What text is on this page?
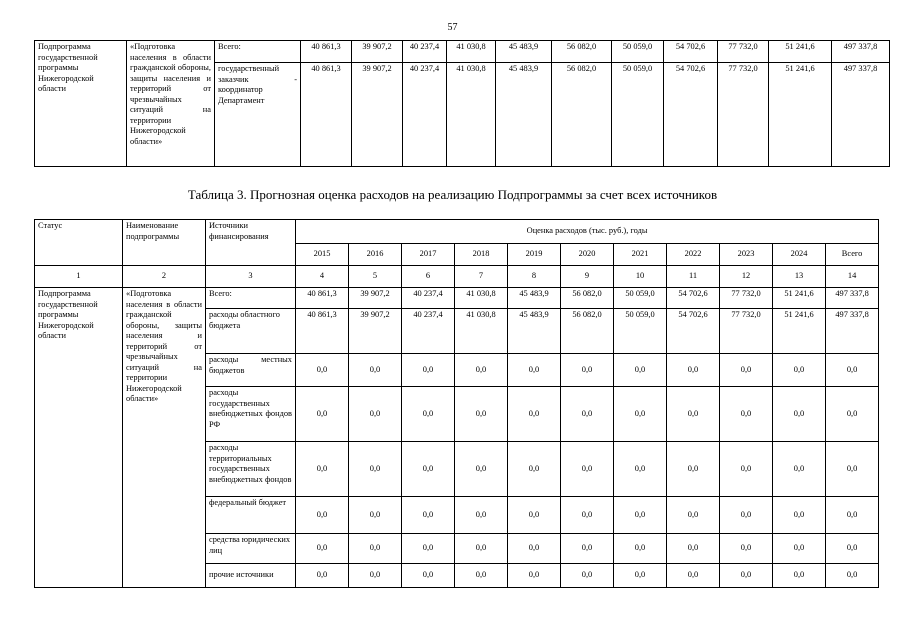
57
Подпрограмма государственной программы Нижегородской области	«Подготовка населения в области гражданской обороны, защиты населения и территорий от чрезвычайных ситуаций на территории Нижегородской области»	Всего:	40 861,3	39 907,2	40 237,4	41 030,8	45 483,9	56 082,0	50 059,0	54 702,6	77 732,0	51 241,6	497 337,8
		государственный заказчик - координатор Департамент	40 861,3	39 907,2	40 237,4	41 030,8	45 483,9	56 082,0	50 059,0	54 702,6	77 732,0	51 241,6	497 337,8
Таблица 3. Прогнозная оценка расходов на реализацию Подпрограммы за счет всех источников
Статус	Наименование подпрограммы	Источники финансирования	Оценка расходов (тыс. руб.), годы										
			2015	2016	2017	2018	2019	2020	2021	2022	2023	2024	Всего
1	2	3	4	5	6	7	8	9	10	11	12	13	14
Подпрограмма государственной программы Нижегородской области	«Подготовка населения в области гражданской обороны, защиты населения и территорий от чрезвычайных ситуаций на территории Нижегородской области»	Всего:	40 861,3	39 907,2	40 237,4	41 030,8	45 483,9	56 082,0	50 059,0	54 702,6	77 732,0	51 241,6	497 337,8
		расходы областного бюджета	40 861,3	39 907,2	40 237,4	41 030,8	45 483,9	56 082,0	50 059,0	54 702,6	77 732,0	51 241,6	497 337,8
		расходы местных бюджетов	0,0	0,0	0,0	0,0	0,0	0,0	0,0	0,0	0,0	0,0	0,0
		расходы государственных внебюджетных фондов РФ	0,0	0,0	0,0	0,0	0,0	0,0	0,0	0,0	0,0	0,0	0,0
		расходы территориальных государственных внебюджетных фондов	0,0	0,0	0,0	0,0	0,0	0,0	0,0	0,0	0,0	0,0	0,0
		федеральный бюджет	0,0	0,0	0,0	0,0	0,0	0,0	0,0	0,0	0,0	0,0	0,0
		средства юридических лиц	0,0	0,0	0,0	0,0	0,0	0,0	0,0	0,0	0,0	0,0	0,0
		прочие источники	0,0	0,0	0,0	0,0	0,0	0,0	0,0	0,0	0,0	0,0	0,0
